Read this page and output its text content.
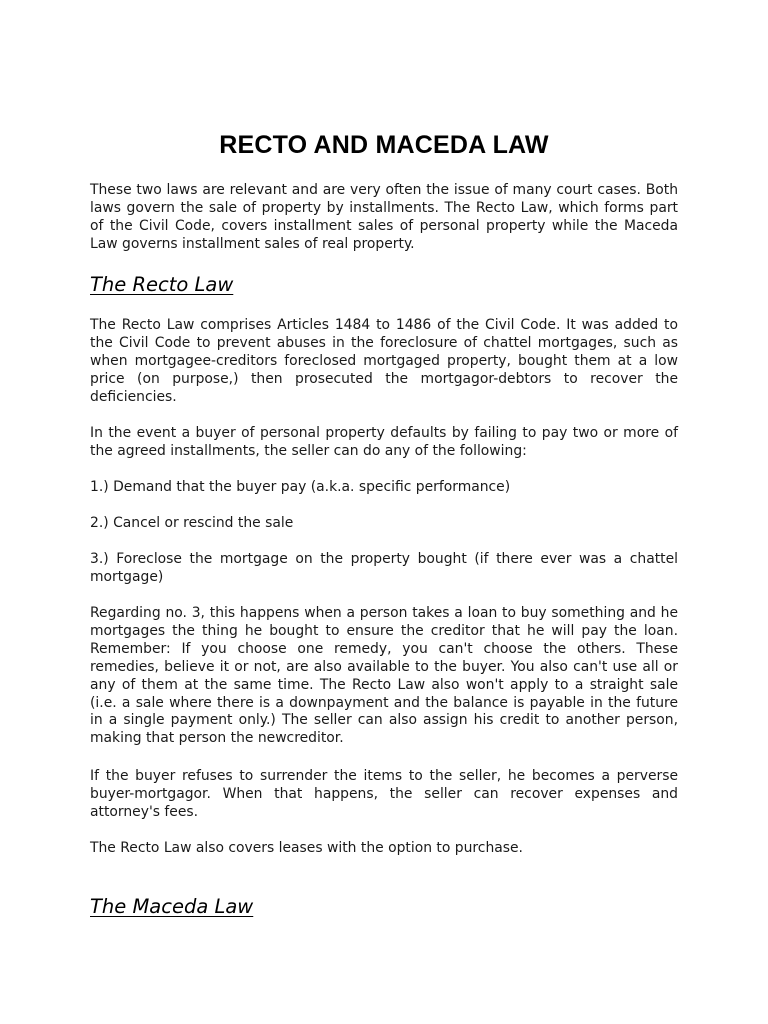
RECTO AND MACEDA LAW

These two laws are relevant and are very often the issue of many court cases. Both laws govern the sale of property by installments. The Recto Law, which forms part of the Civil Code, covers installment sales of personal property while the Maceda Law governs installment sales of real property.

The Recto Law

The Recto Law comprises Articles 1484 to 1486 of the Civil Code. It was added to the Civil Code to prevent abuses in the foreclosure of chattel mortgages, such as when mortgagee-creditors foreclosed mortgaged property, bought them at a low price (on purpose,) then prosecuted the mortgagor-debtors to recover the deficiencies.

In the event a buyer of personal property defaults by failing to pay two or more of the agreed installments, the seller can do any of the following:

1.) Demand that the buyer pay (a.k.a. specific performance)

2.) Cancel or rescind the sale

3.) Foreclose the mortgage on the property bought (if there ever was a chattel mortgage)

Regarding no. 3, this happens when a person takes a loan to buy something and he mortgages the thing he bought to ensure the creditor that he will pay the loan. Remember: If you choose one remedy, you can't choose the others. These remedies, believe it or not, are also available to the buyer. You also can't use all or any of them at the same time. The Recto Law also won't apply to a straight sale (i.e. a sale where there is a downpayment and the balance is payable in the future in a single payment only.) The seller can also assign his credit to another person, making that person the newcreditor.

If the buyer refuses to surrender the items to the seller, he becomes a perverse buyer-mortgagor. When that happens, the seller can recover expenses and attorney's fees.

The Recto Law also covers leases with the option to purchase.

The Maceda Law
